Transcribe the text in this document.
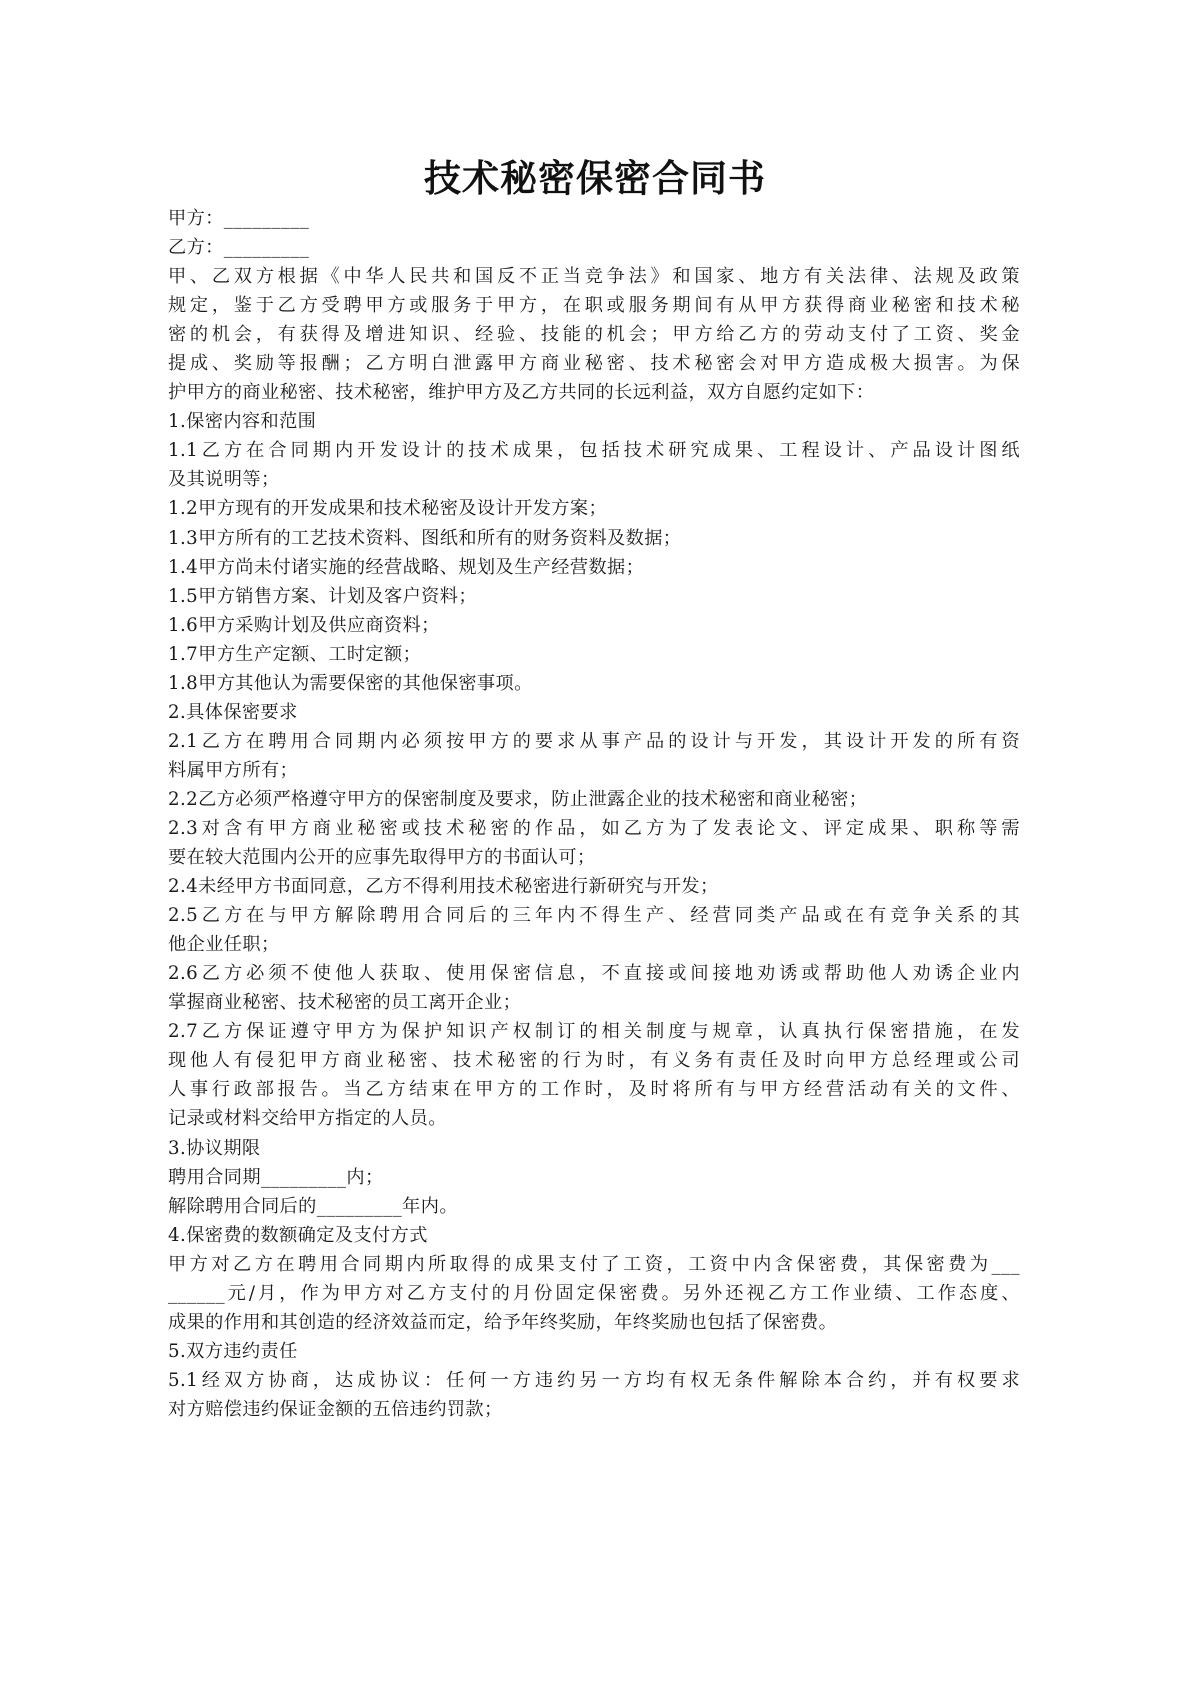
技术秘密保密合同书
甲方：_________
乙方：_________
甲、乙双方根据《中华人民共和国反不正当竞争法》和国家、地方有关法律、法规及政策
规定，鉴于乙方受聘甲方或服务于甲方，在职或服务期间有从甲方获得商业秘密和技术秘
密的机会，有获得及增进知识、经验、技能的机会；甲方给乙方的劳动支付了工资、奖金
提成、奖励等报酬；乙方明白泄露甲方商业秘密、技术秘密会对甲方造成极大损害。为保
护甲方的商业秘密、技术秘密，维护甲方及乙方共同的长远利益，双方自愿约定如下：
1.保密内容和范围
1.1乙方在合同期内开发设计的技术成果，包括技术研究成果、工程设计、产品设计图纸
及其说明等；
1.2甲方现有的开发成果和技术秘密及设计开发方案；
1.3甲方所有的工艺技术资料、图纸和所有的财务资料及数据；
1.4甲方尚未付诸实施的经营战略、规划及生产经营数据；
1.5甲方销售方案、计划及客户资料；
1.6甲方采购计划及供应商资料；
1.7甲方生产定额、工时定额；
1.8甲方其他认为需要保密的其他保密事项。
2.具体保密要求
2.1乙方在聘用合同期内必须按甲方的要求从事产品的设计与开发，其设计开发的所有资
料属甲方所有；
2.2乙方必须严格遵守甲方的保密制度及要求，防止泄露企业的技术秘密和商业秘密；
2.3对含有甲方商业秘密或技术秘密的作品，如乙方为了发表论文、评定成果、职称等需
要在较大范围内公开的应事先取得甲方的书面认可；
2.4未经甲方书面同意，乙方不得利用技术秘密进行新研究与开发；
2.5乙方在与甲方解除聘用合同后的三年内不得生产、经营同类产品或在有竞争关系的其
他企业任职；
2.6乙方必须不使他人获取、使用保密信息，不直接或间接地劝诱或帮助他人劝诱企业内
掌握商业秘密、技术秘密的员工离开企业；
2.7乙方保证遵守甲方为保护知识产权制订的相关制度与规章，认真执行保密措施，在发
现他人有侵犯甲方商业秘密、技术秘密的行为时，有义务有责任及时向甲方总经理或公司
人事行政部报告。当乙方结束在甲方的工作时，及时将所有与甲方经营活动有关的文件、
记录或材料交给甲方指定的人员。
3.协议期限
聘用合同期_________内；
解除聘用合同后的_________年内。
4.保密费的数额确定及支付方式
甲方对乙方在聘用合同期内所取得的成果支付了工资，工资中内含保密费，其保密费为___
______元/月，作为甲方对乙方支付的月份固定保密费。另外还视乙方工作业绩、工作态度、
成果的作用和其创造的经济效益而定，给予年终奖励，年终奖励也包括了保密费。
5.双方违约责任
5.1经双方协商，达成协议：任何一方违约另一方均有权无条件解除本合约，并有权要求
对方赔偿违约保证金额的五倍违约罚款；
